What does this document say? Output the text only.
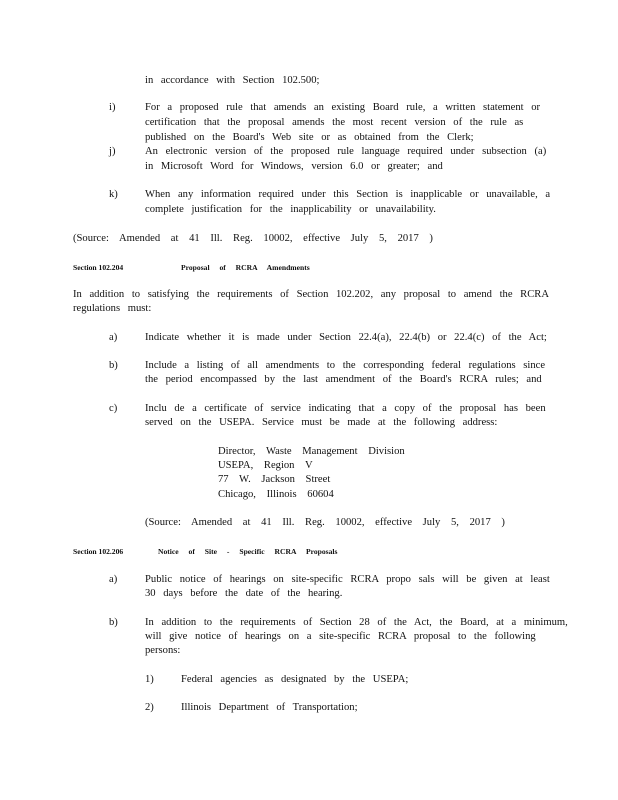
in accordance with Section 102.500;
i)	For a proposed rule that amends an existing Board rule, a written statement or
certification that the proposal amends the most recent version of the rule as
published on the Board's Web site or as obtained from the Clerk;
j)	An electronic version of the proposed rule language required under subsection (a)
in Microsoft Word for Windows, version 6.0 or greater; and
k)	When any information required under this Section is inapplicable or unavailable, a
complete justification for the inapplicability or unavailability.
(Source: Amended at 41 Ill. Reg. 10002, effective July 5, 2017 )
Section 102.204	Proposal of RCRA Amendments
In addition to satisfying the requirements of Section 102.202, any proposal to amend the RCRA
regulations must:
a)	Indicate whether it is made under Section 22.4(a), 22.4(b) or 22.4(c) of the Act;
b)	Include a listing of all amendments to the corresponding federal regulations since
the period encompassed by the last amendment of the Board's RCRA rules; and
c)	Inclu de a certificate of service indicating that a copy of the proposal has been
served on the USEPA. Service must be made at the following address:
Director, Waste Management Division
USEPA, Region V
77 W. Jackson Street
Chicago, Illinois 60604
(Source: Amended at 41 Ill. Reg. 10002, effective July 5, 2017 )
Section 102.206	Notice of Site - Specific RCRA Proposals
a)	Public notice of hearings on site-specific RCRA propo sals will be given at least
30 days before the date of the hearing.
b)	In addition to the requirements of Section 28 of the Act, the Board, at a minimum,
will give notice of hearings on a site-specific RCRA proposal to the following
persons:
1)	Federal agencies as designated by the USEPA;
2)	Illinois Department of Transportation;
